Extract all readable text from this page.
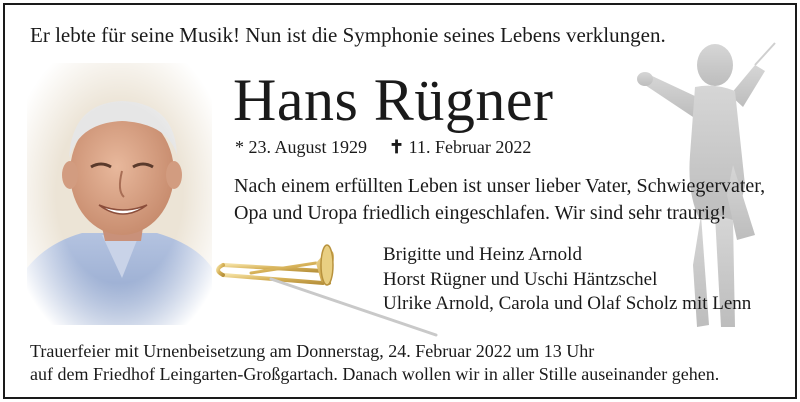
Er lebte für seine Musik! Nun ist die Symphonie seines Lebens verklungen.
Hans Rügner
* 23. August 1929 ✝ 11. Februar 2022
Nach einem erfüllten Leben ist unser lieber Vater, Schwiegervater,
Opa und Uropa friedlich eingeschlafen. Wir sind sehr traurig!
Brigitte und Heinz Arnold
Horst Rügner und Uschi Häntzschel
Ulrike Arnold, Carola und Olaf Scholz mit Lenn
Trauerfeier mit Urnenbeisetzung am Donnerstag, 24. Februar 2022 um 13 Uhr
auf dem Friedhof Leingarten-Großgartach. Danach wollen wir in aller Stille auseinander gehen.
